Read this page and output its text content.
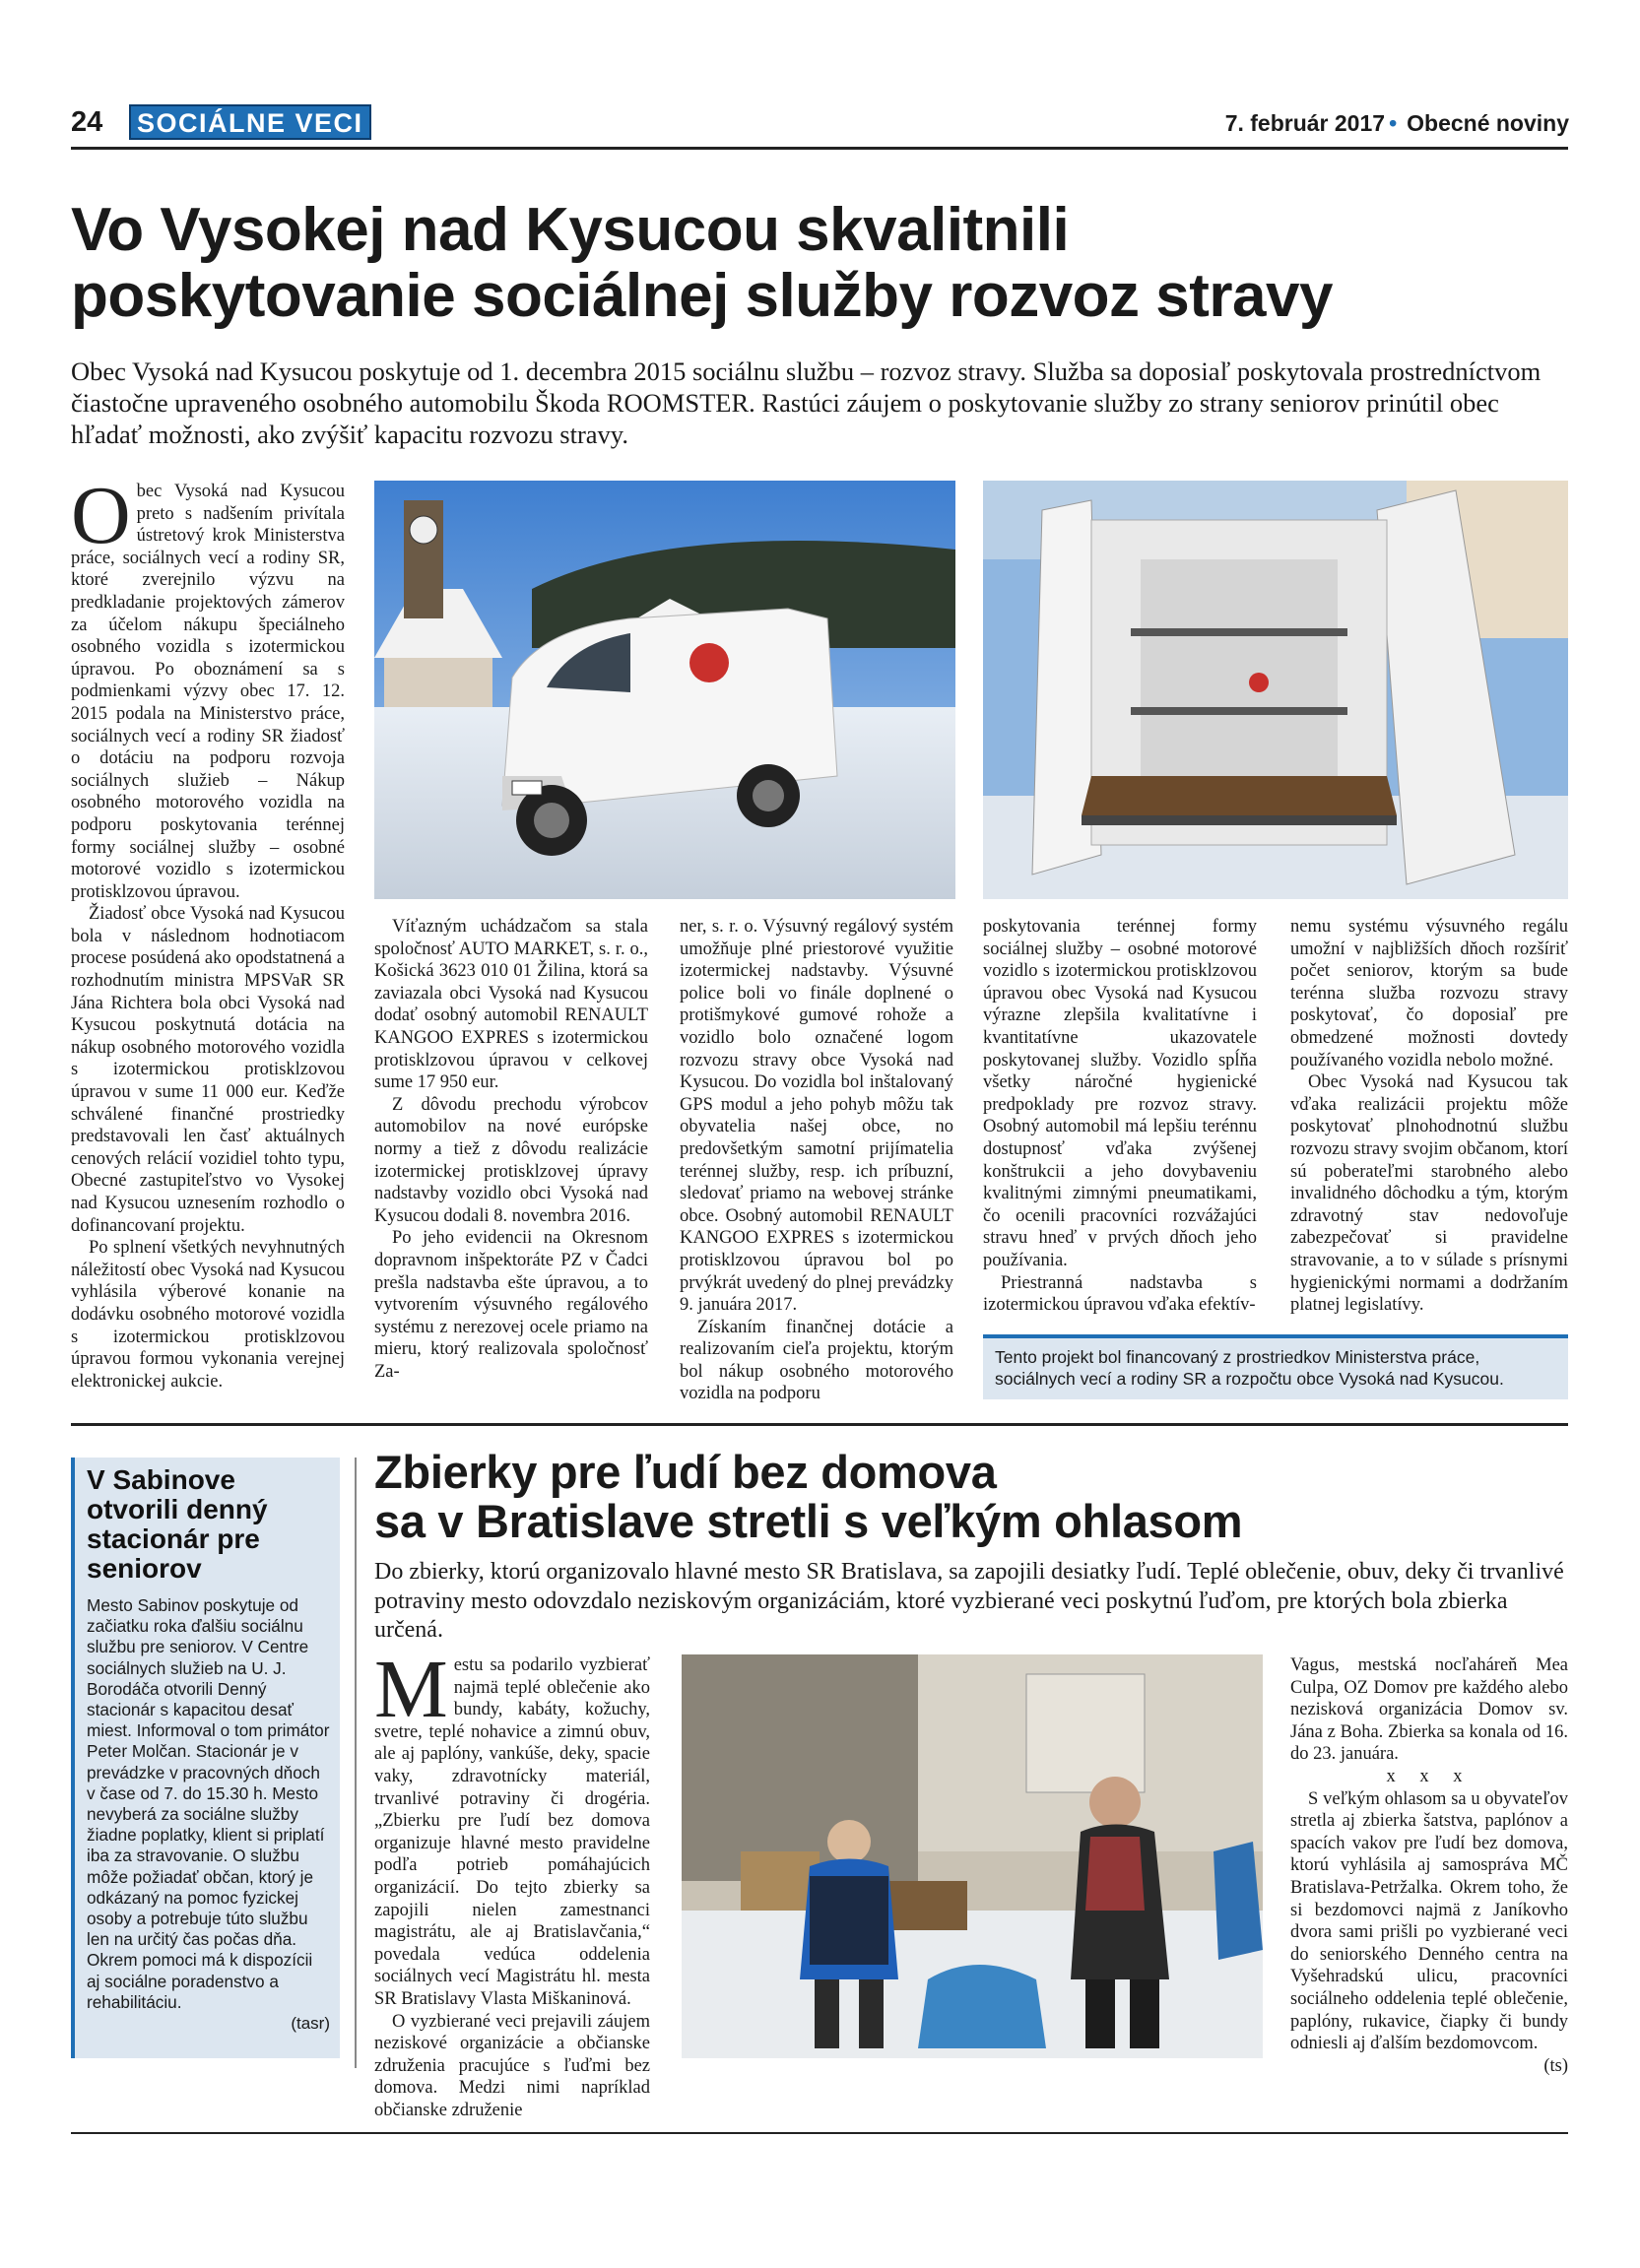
24 SOCIÁLNE VECI	7. február 2017 • Obecné noviny
Vo Vysokej nad Kysucou skvalitnili
poskytovanie sociálnej služby rozvoz stravy
Obec Vysoká nad Kysucou poskytuje od 1. decembra 2015 sociálnu službu – rozvoz stravy. Služba sa doposiaľ poskytovala prostredníctvom čiastočne upraveného osobného automobilu Škoda ROOMSTER. Rastúci záujem o poskytovanie služby zo strany seniorov prinútil obec hľadať možnosti, ako zvýšiť kapacitu rozvozu stravy.

Obec Vysoká nad Kysucou preto s nadšením privítala ústretový krok Ministerstva práce, sociálnych vecí a rodiny SR, ktoré zverejnilo výzvu na predkladanie projektových zámerov za účelom nákupu špeciálneho osobného vozidla s izotermickou úpravou. Po oboznámení sa s podmienkami výzvy obec 17. 12. 2015 podala na Ministerstvo práce, sociálnych vecí a rodiny SR žiadosť o dotáciu na podporu rozvoja sociálnych služieb – Nákup osobného motorového vozidla na podporu poskytovania terénnej formy sociálnej služby – osobné motorové vozidlo s izotermickou protisklzovou úpravou.

Žiadosť obce Vysoká nad Kysucou bola v následnom hodnotiacom procese posúdená ako opodstatnená a rozhodnutím ministra MPSVaR SR Jána Richtera bola obci Vysoká nad Kysucou poskytnutá dotácia na nákup osobného motorového vozidla s izotermickou protisklzovou úpravou v sume 11 000 eur. Keďže schválené finančné prostriedky predstavovali len časť aktuálnych cenových relácií vozidiel tohto typu, Obecné zastupiteľstvo vo Vysokej nad Kysucou uznesením rozhodlo o dofinancovaní projektu.

Po splnení všetkých nevyhnutných náležitostí obec Vysoká nad Kysucou vyhlásila výberové konanie na dodávku osobného motorové vozidla s izotermickou protisklzovou úpravou formou vykonania verejnej elektronickej aukcie.

Víťazným uchádzačom sa stala spoločnosť AUTO MARKET, s. r. o., Košická 3623 010 01 Žilina, ktorá sa zaviazala obci Vysoká nad Kysucou dodať osobný automobil RENAULT KANGOO EXPRES s izotermickou protisklzovou úpravou v celkovej sume 17 950 eur.

Z dôvodu prechodu výrobcov automobilov na nové európske normy a tiež z dôvodu realizácie izotermickej protisklzovej úpravy nadstavby vozidlo obci Vysoká nad Kysucou dodali 8. novembra 2016.

Po jeho evidencii na Okresnom dopravnom inšpektoráte PZ v Čadci prešla nadstavba ešte úpravou, a to vytvorením výsuvného regálového systému z nerezovej ocele priamo na mieru, ktorý realizovala spoločnosť Za-

ner, s. r. o. Výsuvný regálový systém umožňuje plné priestorové využitie izotermickej nadstavby. Výsuvné police boli vo finále doplnené o protišmykové gumové rohože a vozidlo bolo označené logom rozvozu stravy obce Vysoká nad Kysucou. Do vozidla bol inštalovaný GPS modul a jeho pohyb môžu tak obyvatelia našej obce, no predovšetkým samotní prijímatelia terénnej služby, resp. ich príbuzní, sledovať priamo na webovej stránke obce. Osobný automobil RENAULT KANGOO EXPRES s izotermickou protisklzovou úpravou bol po prvýkrát uvedený do plnej prevádzky 9. januára 2017.

Získaním finančnej dotácie a realizovaním cieľa projektu, ktorým bol nákup osobného motorového vozidla na podporu

poskytovania terénnej formy sociálnej služby – osobné motorové vozidlo s izotermickou protisklzovou úpravou obec Vysoká nad Kysucou výrazne zlepšila kvalitatívne i kvantitatívne ukazovatele poskytovanej služby. Vozidlo spĺňa všetky náročné hygienické predpoklady pre rozvoz stravy. Osobný automobil má lepšiu terénnu dostupnosť vďaka zvýšenej konštrukcii a jeho dovybaveniu kvalitnými zimnými pneumatikami, čo ocenili pracovníci rozvážajúci stravu hneď v prvých dňoch jeho používania.

Priestranná nadstavba s izotermickou úpravou vďaka efektív-

nemu systému výsuvného regálu umožní v najbližších dňoch rozšíriť počet seniorov, ktorým sa bude terénna služba rozvozu stravy poskytovať, čo doposiaľ pre obmedzené možnosti dovtedy používaného vozidla nebolo možné.

Obec Vysoká nad Kysucou tak vďaka realizácii projektu môže poskytovať plnohodnotnú službu rozvozu stravy svojim občanom, ktorí sú poberateľmi starobného alebo invalidného dôchodku a tým, ktorým zdravotný stav nedovoľuje zabezpečovať si pravidelne stravovanie, a to v súlade s prísnymi hygienickými normami a dodržaním platnej legislatívy.

Tento projekt bol financovaný z prostriedkov Ministerstva práce, sociálnych vecí a rodiny SR a rozpočtu obce Vysoká nad Kysucou.
V Sabinove otvorili denný stacionár pre seniorov
Mesto Sabinov poskytuje od začiatku roka ďalšiu sociálnu službu pre seniorov. V Centre sociálnych služieb na U. J. Borodáča otvorili Denný stacionár s kapacitou desať miest. Informoval o tom primátor Peter Molčan. Stacionár je v prevádzke v pracovných dňoch v čase od 7. do 15.30 h. Mesto nevyberá za sociálne služby žiadne poplatky, klient si priplatí iba za stravovanie. O službu môže požiadať občan, ktorý je odkázaný na pomoc fyzickej osoby a potrebuje túto službu len na určitý čas počas dňa. Okrem pomoci má k dispozícii aj sociálne poradenstvo a rehabilitáciu.
(tasr)
Zbierky pre ľudí bez domova
sa v Bratislave stretli s veľkým ohlasom
Do zbierky, ktorú organizovalo hlavné mesto SR Bratislava, sa zapojili desiatky ľudí. Teplé oblečenie, obuv, deky či trvanlivé potraviny mesto odovzdalo neziskovým organizáciám, ktoré vyzbierané veci poskytnú ľuďom, pre ktorých bola zbierka určená.

Mestu sa podarilo vyzbierať najmä teplé oblečenie ako bundy, kabáty, kožuchy, svetre, teplé nohavice a zimnú obuv, ale aj paplóny, vankúše, deky, spacie vaky, zdravotnícky materiál, trvanlivé potraviny či drogéria. „Zbierku pre ľudí bez domova organizuje hlavné mesto pravidelne podľa potrieb pomáhajúcich organizácií. Do tejto zbierky sa zapojili nielen zamestnanci magistrátu, ale aj Bratislavčania,“ povedala vedúca oddelenia sociálnych vecí Magistrátu hl. mesta SR Bratislavy Vlasta Miškaninová.

O vyzbierané veci prejavili záujem neziskové organizácie a občianske združenia pracujúce s ľuďmi bez domova. Medzi nimi napríklad občianske združenie

Vagus, mestská nocľaháreň Mea Culpa, OZ Domov pre každého alebo nezisková organizácia Domov sv. Jána z Boha. Zbierka sa konala od 16. do 23. januára.

x x x

S veľkým ohlasom sa u obyvateľov stretla aj zbierka šatstva, paplónov a spacích vakov pre ľudí bez domova, ktorú vyhlásila aj samospráva MČ Bratislava-Petržalka. Okrem toho, že si bezdomovci najmä z Janíkovho dvora sami prišli po vyzbierané veci do seniorského Denného centra na Vyšehradskú ulicu, pracovníci sociálneho oddelenia teplé oblečenie, paplóny, rukavice, čiapky či bundy odniesli aj ďalším bezdomovcom.

(ts)
